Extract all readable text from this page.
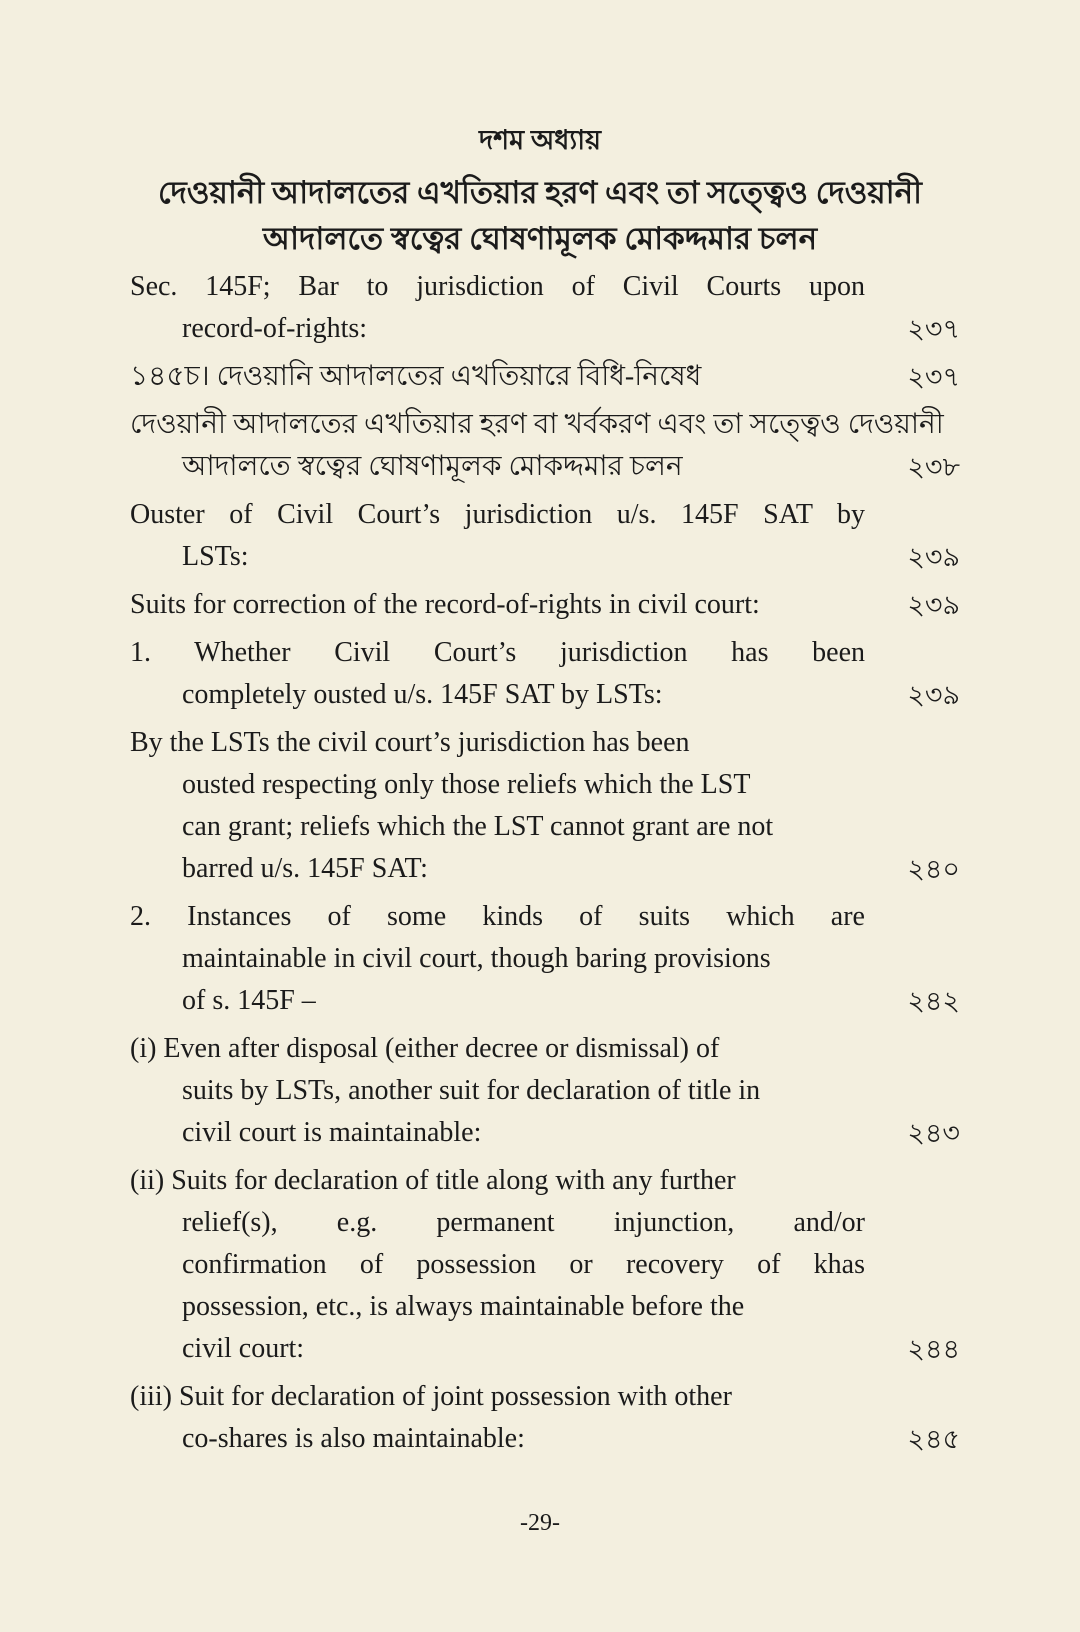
দশম অধ্যায়
দেওয়ানী আদালতের এখতিয়ার হরণ এবং তা সত্ত্বেও দেওয়ানী
আদালতে স্বত্বের ঘোষণামূলক মোকদ্দমার চলন
Sec. 145F; Bar to jurisdiction of Civil Courts upon
record-of-rights:	২৩৭
১৪৫চ। দেওয়ানি আদালতের এখতিয়ারে বিধি-নিষেধ	২৩৭
দেওয়ানী আদালতের এখতিয়ার হরণ বা খর্বকরণ এবং তা সত্ত্বেও দেওয়ানী
আদালতে স্বত্বের ঘোষণামূলক মোকদ্দমার চলন	২৩৮
Ouster of Civil Court’s jurisdiction u/s. 145F SAT by
LSTs:	২৩৯
Suits for correction of the record-of-rights in civil court:	২৩৯
1. Whether Civil Court’s jurisdiction has been
completely ousted u/s. 145F SAT by LSTs:	২৩৯
By the LSTs the civil court’s jurisdiction has been
ousted respecting only those reliefs which the LST
can grant; reliefs which the LST cannot grant are not
barred u/s. 145F SAT:	২৪০
2. Instances of some kinds of suits which are
maintainable in civil court, though baring provisions
of s. 145F –	২৪২
(i) Even after disposal (either decree or dismissal) of
suits by LSTs, another suit for declaration of title in
civil court is maintainable:	২৪৩
(ii) Suits for declaration of title along with any further
relief(s), e.g. permanent injunction, and/or
confirmation of possession or recovery of khas
possession, etc., is always maintainable before the
civil court:	২৪৪
(iii) Suit for declaration of joint possession with other
co-shares is also maintainable:	২৪৫
-29-
